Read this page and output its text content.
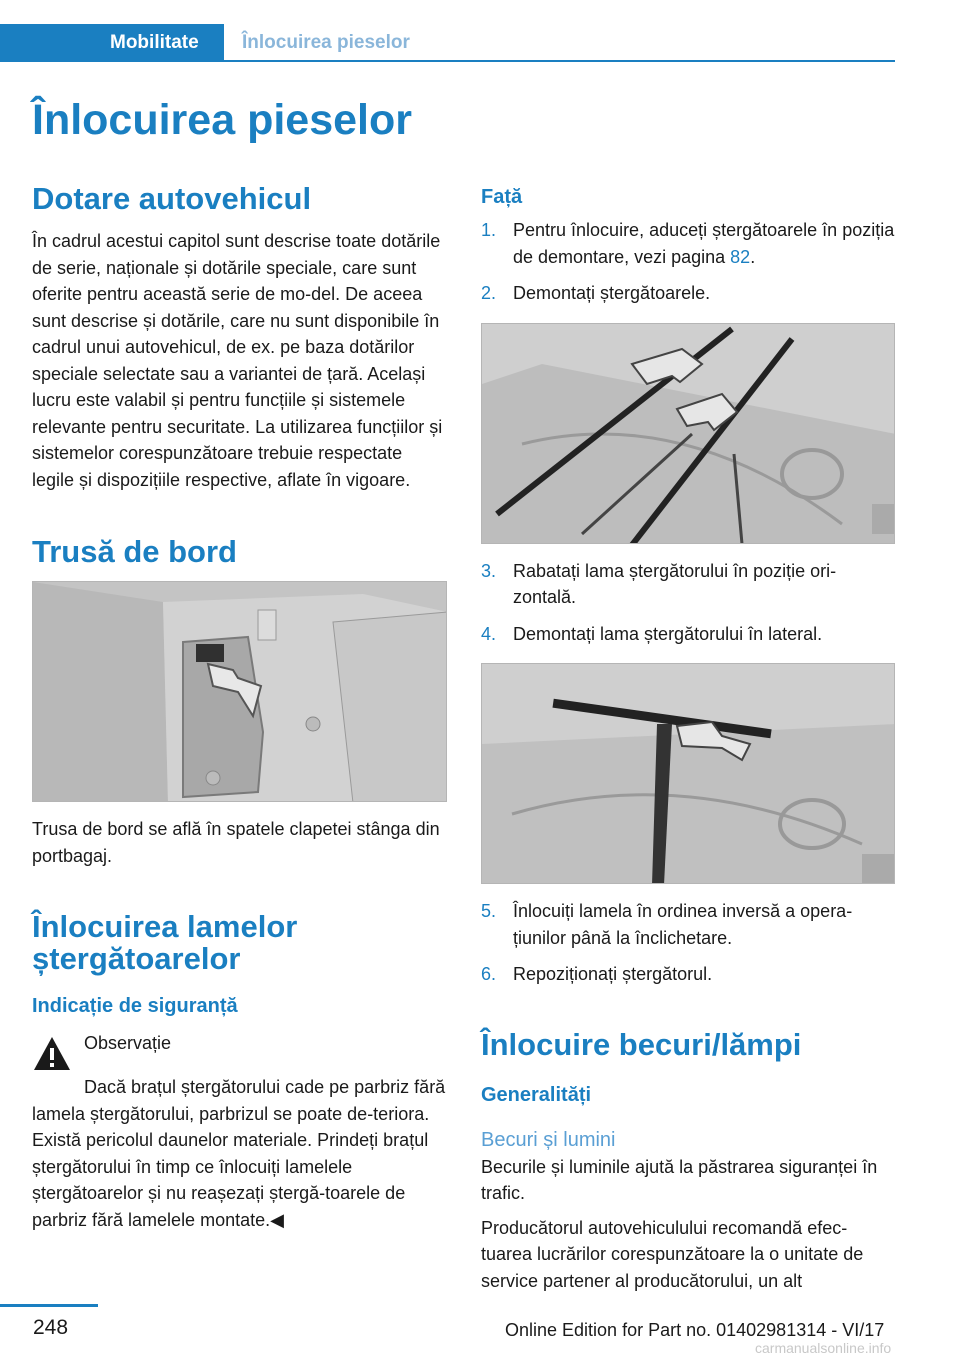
Mobilitate	Înlocuirea pieselor
Înlocuirea pieselor
Dotare autovehicul

În cadrul acestui capitol sunt descrise toate dotările de serie, naționale și dotările speciale, care sunt oferite pentru această serie de mo-del. De aceea sunt descrise și dotările, care nu sunt disponibile în cadrul unui autovehicul, de ex. pe baza dotărilor speciale selectate sau a variantei de țară. Același lucru este valabil și pentru funcțiile și sistemele relevante pentru securitate. La utilizarea funcțiilor și sistemelor corespunzătoare trebuie respectate legile și dispozițiile respective, aflate în vigoare.

Trusă de bord

Trusa de bord se află în spatele clapetei stânga din portbagaj.

Înlocuirea lamelor ștergătoarelor
Indicație de siguranță

Observație

Dacă brațul ștergătorului cade pe parbriz fără lamela ștergătorului, parbrizul se poate de-teriora. Există pericolul daunelor materiale. Prindeți brațul ștergătorului în timp ce înlocuiți lamelele ștergătoarelor și nu reașezați ștergă-toarele de parbriz fără lamelele montate.◀

Față
1. Pentru înlocuire, aduceți ștergătoarele în poziția de demontare, vezi pagina 82.
2. Demontați ștergătoarele.
3. Rabatați lama ștergătorului în poziție ori-zontală.
4. Demontați lama ștergătorului în lateral.
5. Înlocuiți lamela în ordinea inversă a opera-țiunilor până la înclichetare.
6. Repoziționați ștergătorul.
Înlocuire becuri/lămpi
Generalități
Becuri și lumini

Becurile și luminile ajută la păstrarea siguranței în trafic.

Producătorul autovehiculului recomandă efec-tuarea lucrărilor corespunzătoare la o unitate de service partener al producătorului, un alt

248	Online Edition for Part no. 01402981314 - VI/17
carmanualsonline.info
